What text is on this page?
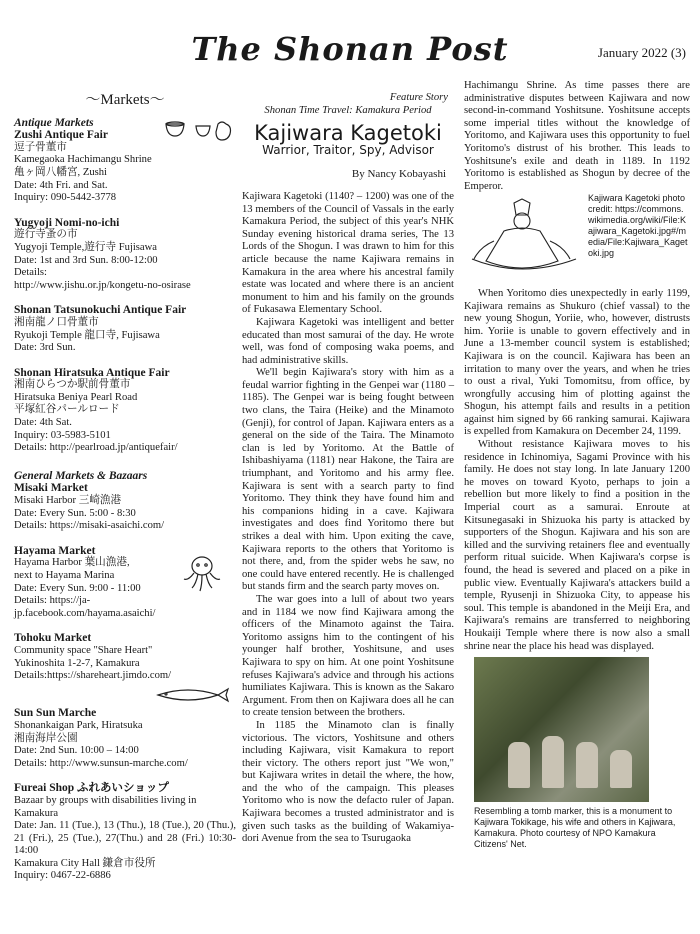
The Shonan Post	January 2022 (3)
～Markets～
Antique Markets
Zushi Antique Fair
逗子骨董市
Kamegaoka Hachimangu Shrine
亀ヶ岡八幡宮, Zushi
Date: 4th Fri. and Sat.
Inquiry: 090-5442-3778
Yugyoji Nomi-no-ichi
遊行寺蚤の市
Yugyoji Temple,遊行寺 Fujisawa
Date: 1st and 3rd Sun. 8:00-12:00
Details:
http://www.jishu.or.jp/kongetu-no-osirase
Shonan Tatsunokuchi Antique Fair
湘南龍ノ口骨董市
Ryukoji Temple 龍口寺, Fujisawa
Date: 3rd Sun.
Shonan Hiratsuka Antique Fair
湘南ひらつか駅前骨董市
Hiratsuka Beniya Pearl Road
平塚紅谷パールロード
Date: 4th Sat.
Inquiry: 03-5983-5101
Details: http://pearlroad.jp/antiquefair/
General Markets & Bazaars
Misaki Market
Misaki Harbor 三崎漁港
Date: Every Sun. 5:00 - 8:30
Details: https://misaki-asaichi.com/
Hayama Market
Hayama Harbor 葉山漁港,
next to Hayama Marina
Date: Every Sun. 9:00 - 11:00
Details: https://ja-
jp.facebook.com/hayama.asaichi/
Tohoku Market
Community space "Share Heart"
Yukinoshita 1-2-7, Kamakura
Details:https://shareheart.jimdo.com/
Sun Sun Marche
Shonankaigan Park, Hiratsuka
湘南海岸公園
Date: 2nd Sun. 10:00 – 14:00
Details: http://www.sunsun-marche.com/
Fureai Shop ふれあいショップ
Bazaar by groups with disabilities living in Kamakura
Date: Jan. 11 (Tue.), 13 (Thu.), 18 (Tue.), 20 (Thu.), 21 (Fri.), 25 (Tue.), 27(Thu.) and 28 (Fri.) 10:30-14:00
Kamakura City Hall 鎌倉市役所
Inquiry: 0467-22-6886
Feature Story
Shonan Time Travel: Kamakura Period
Kajiwara Kagetoki
Warrior, Traitor, Spy, Advisor
By Nancy Kobayashi

Kajiwara Kagetoki (1140? – 1200) was one of the 13 members of the Council of Vassals in the early Kamakura Period, the subject of this year's NHK Sunday evening historical drama series, The 13 Lords of the Shogun. I was drawn to him for this article because the name Kajiwara remains in Kamakura in the area where his ancestral family estate was located and where there is an ancient monument to him and his family on the grounds of Fukasawa Elementary School.

Kajiwara Kagetoki was intelligent and better educated than most samurai of the day. He wrote well, was fond of composing waka poems, and had administrative skills.

We'll begin Kajiwara's story with him as a feudal warrior fighting in the Genpei war (1180 – 1185). The Genpei war is being fought between two clans, the Taira (Heike) and the Minamoto (Genji), for control of Japan. Kajiwara enters as a general on the side of the Taira. The Minamoto clan is led by Yoritomo. At the Battle of Ishibashiyama (1181) near Hakone, the Taira are triumphant, and Yoritomo and his army flee. Kajiwara is sent with a search party to find Yoritomo. They think they have found him and his companions hiding in a cave. Kajiwara investigates and does find Yoritomo there but strikes a deal with him. Upon exiting the cave, Kajiwara reports to the others that Yoritomo is not there, and, from the spider webs he saw, no one could have entered recently. He is challenged but stands firm and the search party moves on.

The war goes into a lull of about two years and in 1184 we now find Kajiwara among the officers of the Minamoto against the Taira. Yoritomo assigns him to the contingent of his younger half brother, Yoshitsune, and uses Kajiwara to spy on him. At one point Yoshitsune refuses Kajiwara's advice and through his actions humiliates Kajiwara. This is known as the Sakaro Argument. From then on Kajiwara does all he can to create tension between the brothers.

In 1185 the Minamoto clan is finally victorious. The victors, Yoshitsune and others including Kajiwara, visit Kamakura to report their victory. The others report just "We won," but Kajiwara writes in detail the where, the how, and the who of the campaign. This pleases Yoritomo who is now the defacto ruler of Japan. Kajiwara becomes a trusted administrator and is given such tasks as the building of Wakamiya-dori Avenue from the sea to Tsurugaoka

Hachimangu Shrine. As time passes there are administrative disputes between Kajiwara and now second-in-command Yoshitsune. Yoshitsune accepts some imperial titles without the knowledge of Yoritomo, and Kajiwara uses this opportunity to fuel Yoritomo's distrust of his brother. This leads to Yoshitsune's exile and death in 1189. In 1192 Yoritomo is established as Shogun by decree of the Emperor.

Kajiwara Kagetoki photo credit: https://commons.wikimedia.org/wiki/File:Kajiwara_Kagetoki.jpg#/media/File:Kajiwara_Kagetoki.jpg

When Yoritomo dies unexpectedly in early 1199, Kajiwara remains as Shukuro (chief vassal) to the new young Shogun, Yoriie, who, however, distrusts him. Yoriie is unable to govern effectively and in June a 13-member council system is established; Kajiwara is on the council. Kajiwara has been an irritation to many over the years, and when he tries to oust a rival, Yuki Tomomitsu, from office, by wrongfully accusing him of plotting against the Shogun, his attempt fails and results in a petition against him signed by 66 ranking samurai. Kajiwara is expelled from Kamakura on December 24, 1199.

Without resistance Kajiwara moves to his residence in Ichinomiya, Sagami Province with his family. He does not stay long. In late January 1200 he moves on toward Kyoto, perhaps to join a rebellion but more likely to find a position in the Imperial court as a samurai. Enroute at Kitsunegasaki in Shizuoka his party is attacked by supporters of the Shogun. Kajiwara and his son are killed and the surviving retainers flee and eventually perform ritual suicide. When Kajiwara's corpse is found, the head is severed and placed on a pike in public view. Eventually Kajiwara's attackers build a temple, Ryusenji in Shizuoka City, to appease his soul. This temple is abandoned in the Meiji Era, and Kajiwara's remains are transferred to neighboring Houkaiji Temple where there is now also a small shrine near the place his head was displayed.

Resembling a tomb marker, this is a monument to Kajiwara Tokikage, his wife and others in Kajiwara, Kamakura. Photo courtesy of NPO Kamakura Citizens' Net.
